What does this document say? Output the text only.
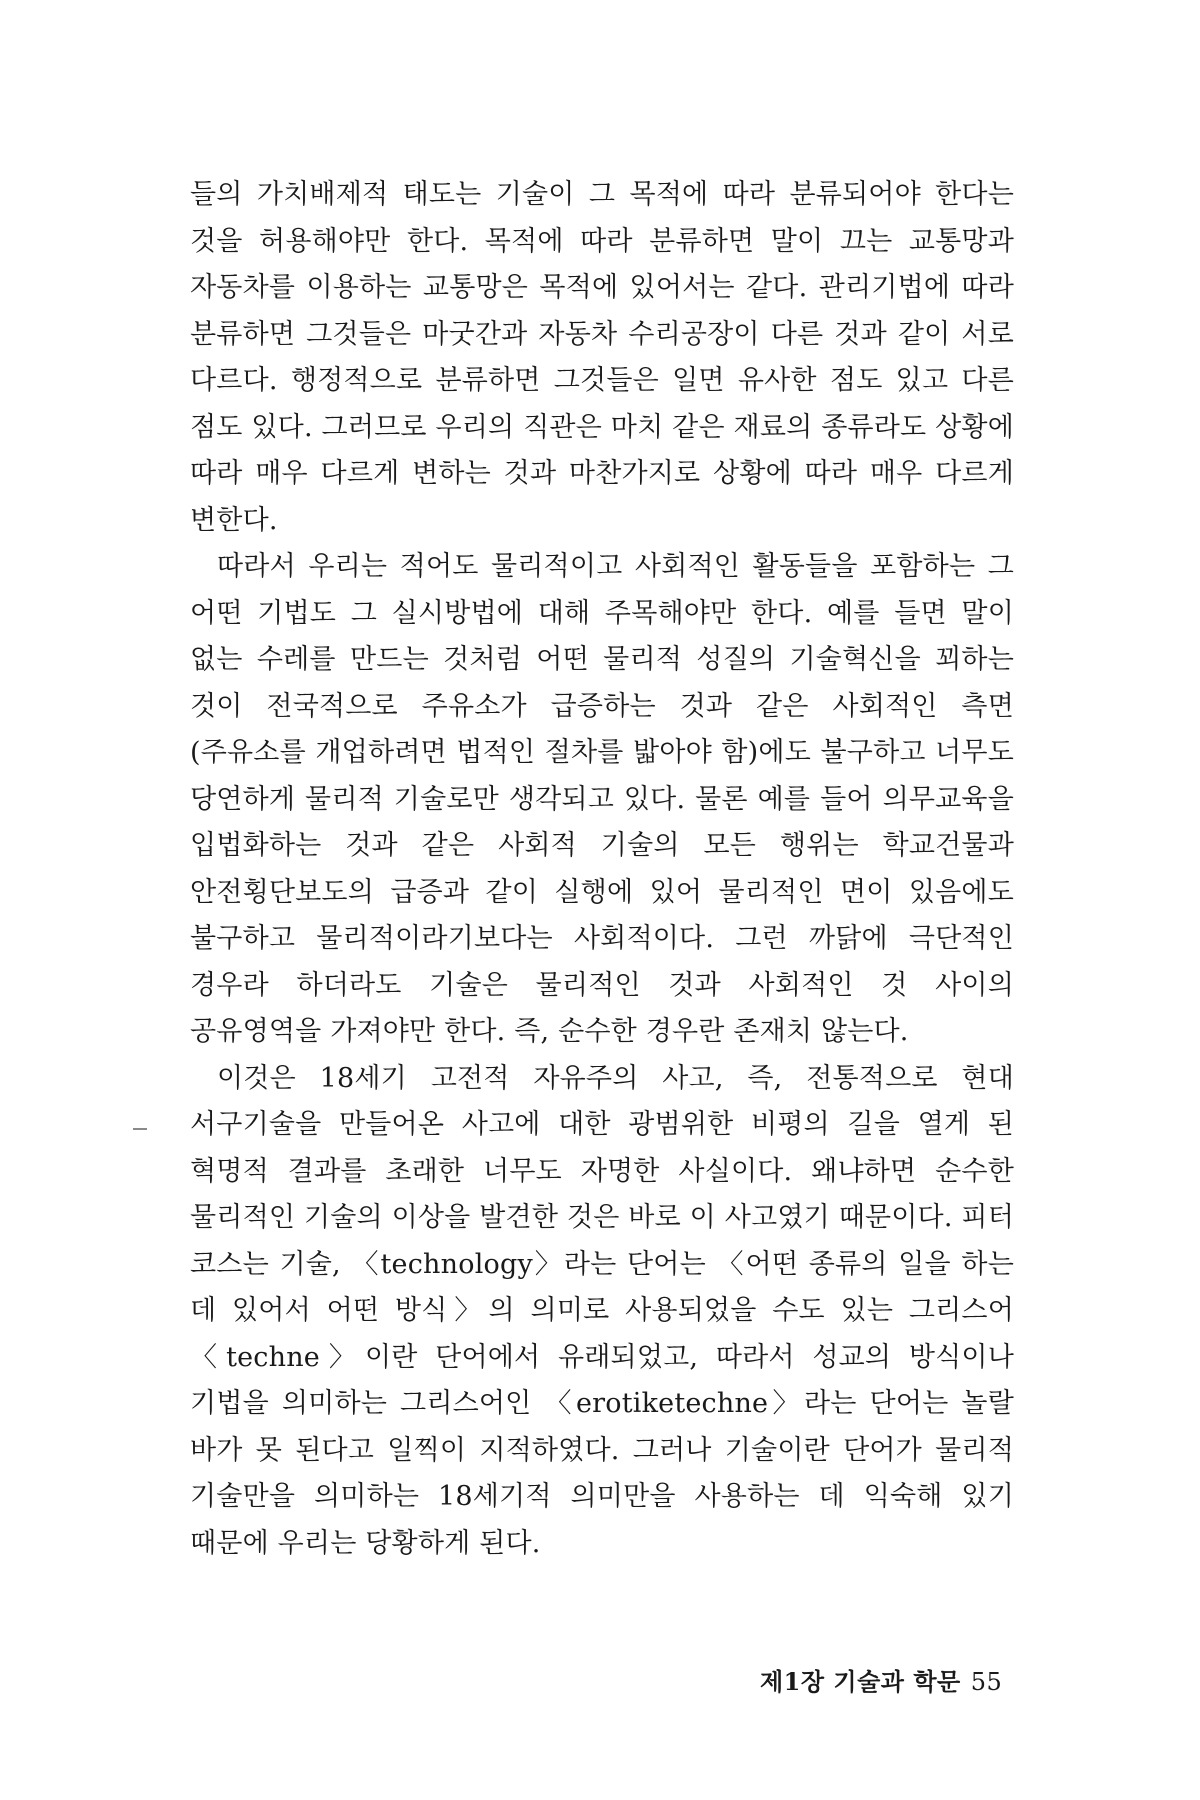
들의 가치배제적 태도는 기술이 그 목적에 따라 분류되어야 한다는 것을 허용해야만 한다. 목적에 따라 분류하면 말이 끄는 교통망과 자동차를 이용하는 교통망은 목적에 있어서는 같다. 관리기법에 따라 분류하면 그것들은 마굿간과 자동차 수리공장이 다른 것과 같이 서로 다르다. 행정적으로 분류하면 그것들은 일면 유사한 점도 있고 다른 점도 있다. 그러므로 우리의 직관은 마치 같은 재료의 종류라도 상황에 따라 매우 다르게 변하는 것과 마찬가지로 상황에 따라 매우 다르게 변한다.

따라서 우리는 적어도 물리적이고 사회적인 활동들을 포함하는 그 어떤 기법도 그 실시방법에 대해 주목해야만 한다. 예를 들면 말이 없는 수레를 만드는 것처럼 어떤 물리적 성질의 기술혁신을 꾀하는 것이 전국적으로 주유소가 급증하는 것과 같은 사회적인 측면(주유소를 개업하려면 법적인 절차를 밟아야 함)에도 불구하고 너무도 당연하게 물리적 기술로만 생각되고 있다. 물론 예를 들어 의무교육을 입법화하는 것과 같은 사회적 기술의 모든 행위는 학교건물과 안전횡단보도의 급증과 같이 실행에 있어 물리적인 면이 있음에도 불구하고 물리적이라기보다는 사회적이다. 그런 까닭에 극단적인 경우라 하더라도 기술은 물리적인 것과 사회적인 것 사이의 공유영역을 가져야만 한다. 즉, 순수한 경우란 존재치 않는다.

이것은 18세기 고전적 자유주의 사고, 즉, 전통적으로 현대 서구기술을 만들어온 사고에 대한 광범위한 비평의 길을 열게 된 혁명적 결과를 초래한 너무도 자명한 사실이다. 왜냐하면 순수한 물리적인 기술의 이상을 발견한 것은 바로 이 사고였기 때문이다. 피터 코스는 기술, 〈technology〉라는 단어는 〈어떤 종류의 일을 하는 데 있어서 어떤 방식〉의 의미로 사용되었을 수도 있는 그리스어 〈techne〉이란 단어에서 유래되었고, 따라서 성교의 방식이나 기법을 의미하는 그리스어인 〈erotiketechne〉라는 단어는 놀랄 바가 못 된다고 일찍이 지적하였다. 그러나 기술이란 단어가 물리적 기술만을 의미하는 18세기적 의미만을 사용하는 데 익숙해 있기 때문에 우리는 당황하게 된다.

제1장 기술과 학문 55
